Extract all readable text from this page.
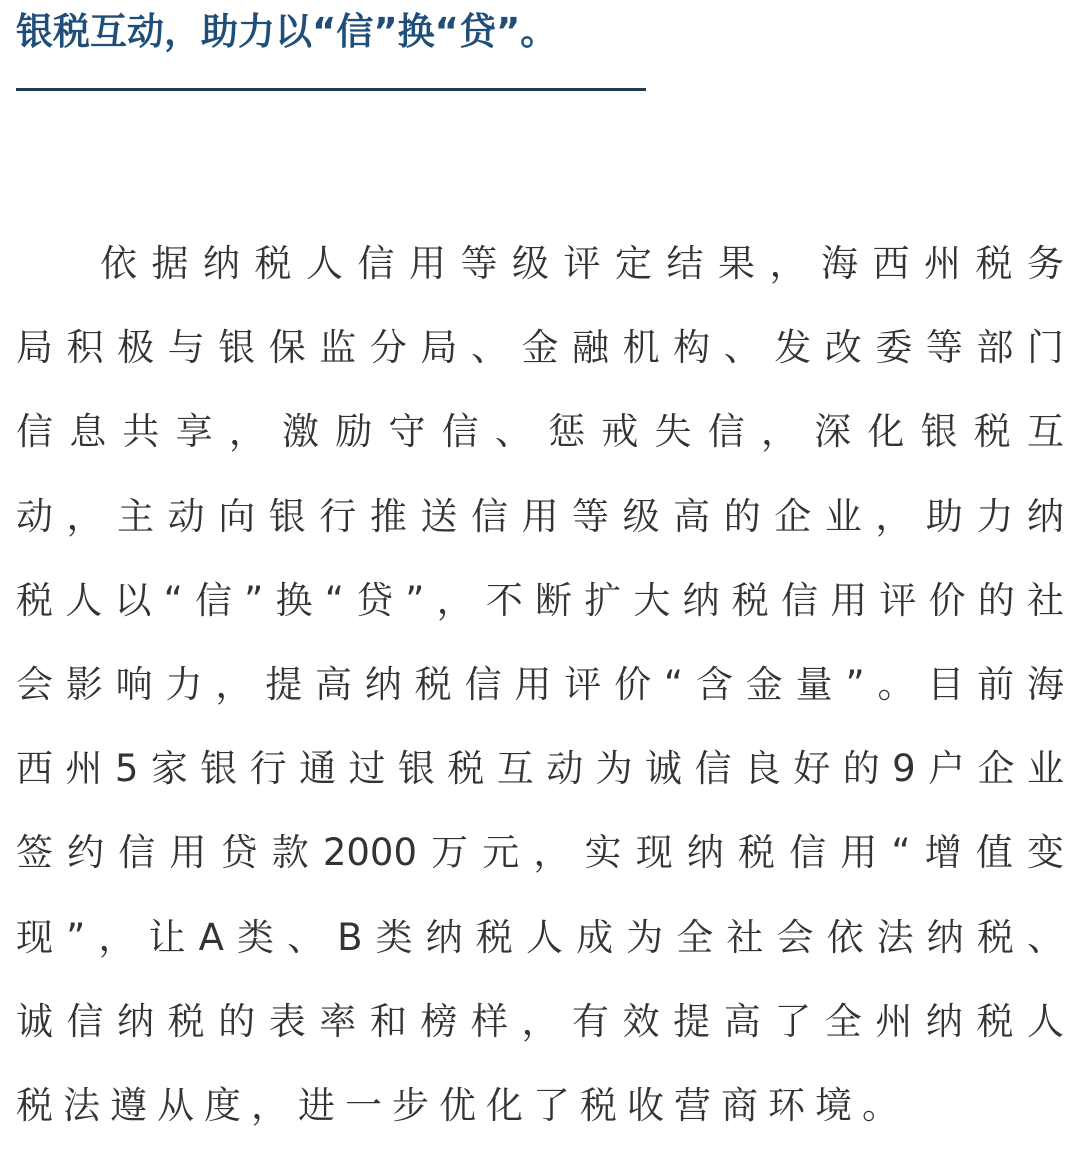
银税互动，助力以“信”换“贷”。
依据纳税人信用等级评定结果，海西州税务
局积极与银保监分局、金融机构、发改委等部门
信息共享，激励守信、惩戒失信，深化银税互
动，主动向银行推送信用等级高的企业，助力纳
税人以“信”换“贷”，不断扩大纳税信用评价的社
会影响力，提高纳税信用评价“含金量”。目前海
西州5家银行通过银税互动为诚信良好的9户企业
签约信用贷款2000万元，实现纳税信用“增值变
现”，让A类、B类纳税人成为全社会依法纳税、
诚信纳税的表率和榜样，有效提高了全州纳税人
税法遵从度，进一步优化了税收营商环境。
